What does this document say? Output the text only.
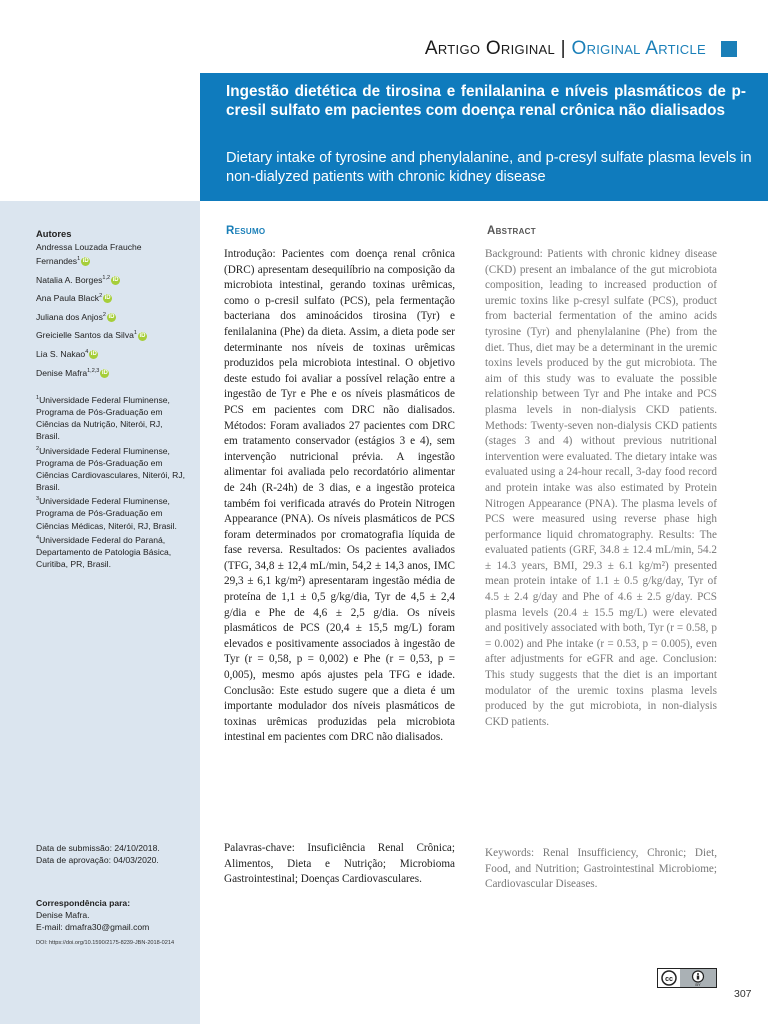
Artigo Original | Original Article
Ingestão dietética de tirosina e fenilalanina e níveis plasmáticos de p-cresil sulfato em pacientes com doença renal crônica não dialisados
Dietary intake of tyrosine and phenylalanine, and p-cresyl sulfate plasma levels in non-dialyzed patients with chronic kidney disease
Autores
Andressa Louzada Frauche Fernandes$^1$ iD
Natalia A. Borges$^{1,2}$ iD
Ana Paula Black$^2$ iD
Juliana dos Anjos$^2$ iD
Greicielle Santos da Silva$^1$ iD
Lia S. Nakao$^4$ iD
Denise Mafra$^{1,2,3}$ iD

$^1$Universidade Federal Fluminense, Programa de Pós-Graduação em Ciências da Nutrição, Niterói, RJ, Brasil.

$^2$Universidade Federal Fluminense, Programa de Pós-Graduação em Ciências Cardiovasculares, Niterói, RJ, Brasil.

$^3$Universidade Federal Fluminense, Programa de Pós-Graduação em Ciências Médicas, Niterói, RJ, Brasil.

$^4$Universidade Federal do Paraná, Departamento de Patologia Básica, Curitiba, PR, Brasil.

Data de submissão: 24/10/2018.
Data de aprovação: 04/03/2020.
Correspondência para:
Denise Mafra.
E-mail: dmafra30@gmail.com
DOI: https://doi.org/10.1590/2175-8239-JBN-2018-0214
Resumo
Introdução: Pacientes com doença renal crônica (DRC) apresentam desequilíbrio na composição da microbiota intestinal, gerando toxinas urêmicas, como o p-cresil sulfato (PCS), pela fermentação bacteriana dos aminoácidos tirosina (Tyr) e fenilalanina (Phe) da dieta. Assim, a dieta pode ser determinante nos níveis de toxinas urêmicas produzidos pela microbiota intestinal. O objetivo deste estudo foi avaliar a possível relação entre a ingestão de Tyr e Phe e os níveis plasmáticos de PCS em pacientes com DRC não dialisados. Métodos: Foram avaliados 27 pacientes com DRC em tratamento conservador (estágios 3 e 4), sem intervenção nutricional prévia. A ingestão alimentar foi avaliada pelo recordatório alimentar de 24h (R-24h) de 3 dias, e a ingestão proteica também foi verificada através do Protein Nitrogen Appearance (PNA). Os níveis plasmáticos de PCS foram determinados por cromatografia líquida de fase reversa. Resultados: Os pacientes avaliados (TFG, 34,8 ± 12,4 mL/min, 54,2 ± 14,3 anos, IMC 29,3 ± 6,1 kg/m²) apresentaram ingestão média de proteína de 1,1 ± 0,5 g/kg/dia, Tyr de 4,5 ± 2,4 g/dia e Phe de 4,6 ± 2,5 g/dia. Os níveis plasmáticos de PCS (20,4 ± 15,5 mg/L) foram elevados e positivamente associados à ingestão de Tyr (r = 0,58, p = 0,002) e Phe (r = 0,53, p = 0,005), mesmo após ajustes pela TFG e idade. Conclusão: Este estudo sugere que a dieta é um importante modulador dos níveis plasmáticos de toxinas urêmicas produzidas pela microbiota intestinal em pacientes com DRC não dialisados.
Palavras-chave: Insuficiência Renal Crônica; Alimentos, Dieta e Nutrição; Microbioma Gastrointestinal; Doenças Cardiovasculares.
Abstract
Background: Patients with chronic kidney disease (CKD) present an imbalance of the gut microbiota composition, leading to increased production of uremic toxins like p-cresyl sulfate (PCS), product from bacterial fermentation of the amino acids tyrosine (Tyr) and phenylalanine (Phe) from the diet. Thus, diet may be a determinant in the uremic toxins levels produced by the gut microbiota. The aim of this study was to evaluate the possible relationship between Tyr and Phe intake and PCS plasma levels in non-dialysis CKD patients. Methods: Twenty-seven non-dialysis CKD patients (stages 3 and 4) without previous nutritional intervention were evaluated. The dietary intake was evaluated using a 24-hour recall, 3-day food record and protein intake was also estimated by Protein Nitrogen Appearance (PNA). The plasma levels of PCS were measured using reverse phase high performance liquid chromatography. Results: The evaluated patients (GRF, 34.8 ± 12.4 mL/min, 54.2 ± 14.3 years, BMI, 29.3 ± 6.1 kg/m²) presented mean protein intake of 1.1 ± 0.5 g/kg/day, Tyr of 4.5 ± 2.4 g/day and Phe of 4.6 ± 2.5 g/day. PCS plasma levels (20.4 ± 15.5 mg/L) were elevated and positively associated with both, Tyr (r = 0.58, p = 0.002) and Phe intake (r = 0.53, p = 0.005), even after adjustments for eGFR and age. Conclusion: This study suggests that the diet is an important modulator of the uremic toxins plasma levels produced by the gut microbiota, in non-dialysis CKD patients.
Keywords: Renal Insufficiency, Chronic; Diet, Food, and Nutrition; Gastrointestinal Microbiome; Cardiovascular Diseases.
cc
BY
307
